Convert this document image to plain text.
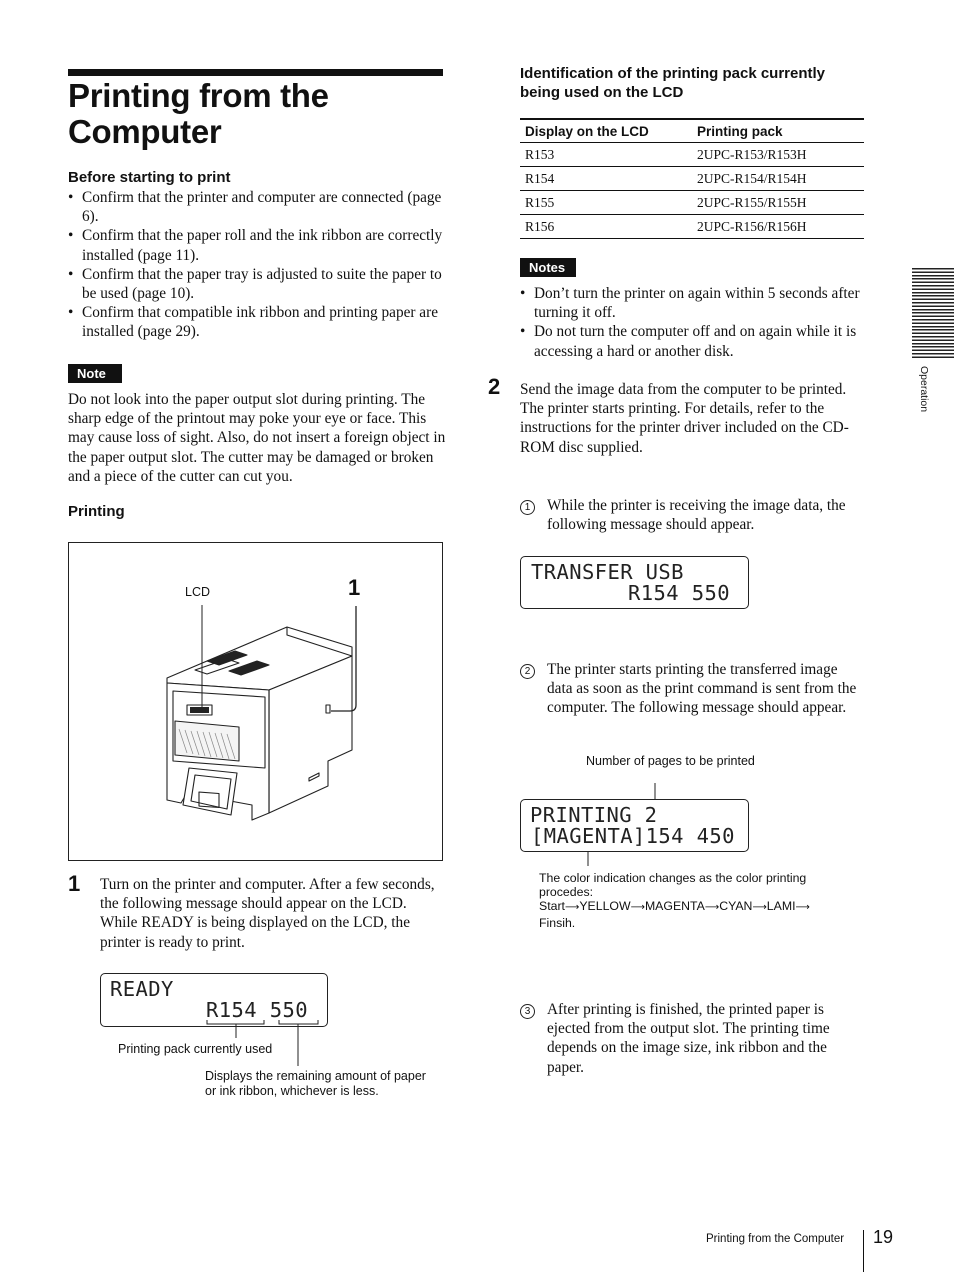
Printing from the Computer
Before starting to print
• Confirm that the printer and computer are connected (page 6).
• Confirm that the paper roll and the ink ribbon are correctly installed (page 11).
• Confirm that the paper tray is adjusted to suite the paper to be used (page 10).
• Confirm that compatible ink ribbon and printing paper are installed (page 29).
Note
Do not look into the paper output slot during printing. The sharp edge of the printout may poke your eye or face. This may cause loss of sight. Also, do not insert a foreign object in the paper output slot. The cutter may be damaged or broken and a piece of the cutter can cut you.
Printing
LCD	1
1 Turn on the printer and computer. After a few seconds, the following message should appear on the LCD. While READY is being displayed on the LCD, the printer is ready to print.
READY
R154 550
Printing pack currently used
Displays the remaining amount of paper or ink ribbon, whichever is less.
Identification of the printing pack currently being used on the LCD
Display on the LCD	Printing pack
R153	2UPC-R153/R153H
R154	2UPC-R154/R154H
R155	2UPC-R155/R155H
R156	2UPC-R156/R156H
Notes
• Don’t turn the printer on again within 5 seconds after turning it off.
• Do not turn the computer off and on again while it is accessing a hard or another disk.
2 Send the image data from the computer to be printed. The printer starts printing. For details, refer to the instructions for the printer driver included on the CD-ROM disc supplied.
1	While the printer is receiving the image data, the following message should appear.
TRANSFER USB
R154 550
2	The printer starts printing the transferred image data as soon as the print command is sent from the computer. The following message should appear.
Number of pages to be printed
PRINTING 2
[MAGENTA]154 450
The color indication changes as the color printing procedes:
Start⟶YELLOW⟶MAGENTA⟶CYAN⟶LAMI⟶
Finsih.
3	After printing is finished, the printed paper is ejected from the output slot. The printing time depends on the image size, ink ribbon and the paper.
Operation
Printing from the Computer 19
